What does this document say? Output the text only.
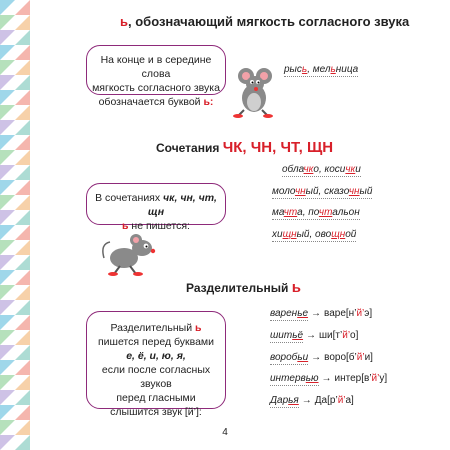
ь, обозначающий мягкость согласного звука
На конце и в середине слова
мягкость согласного звука
обозначается буквой ь:
рысь, мельница
Сочетания ЧК, ЧН, ЧТ, ЩН
В сочетаниях чк, чн, чт, щн
ь не пишется:
облачко, косички
молочный, сказочный
мачта, почтальон
хищный, овощной
Разделительный ь
Разделительный ь
пишется перед буквами
е, ё, и, ю, я,
если после согласных звуков
перед гласными
слышится звук [й’]:
варенье → варе[н’й’э]
шитьё → ши[т’й’о]
воробьи → воро[б’й’и]
интервью → интер[в’й’у]
Дарья → Да[р’й’а]
4
